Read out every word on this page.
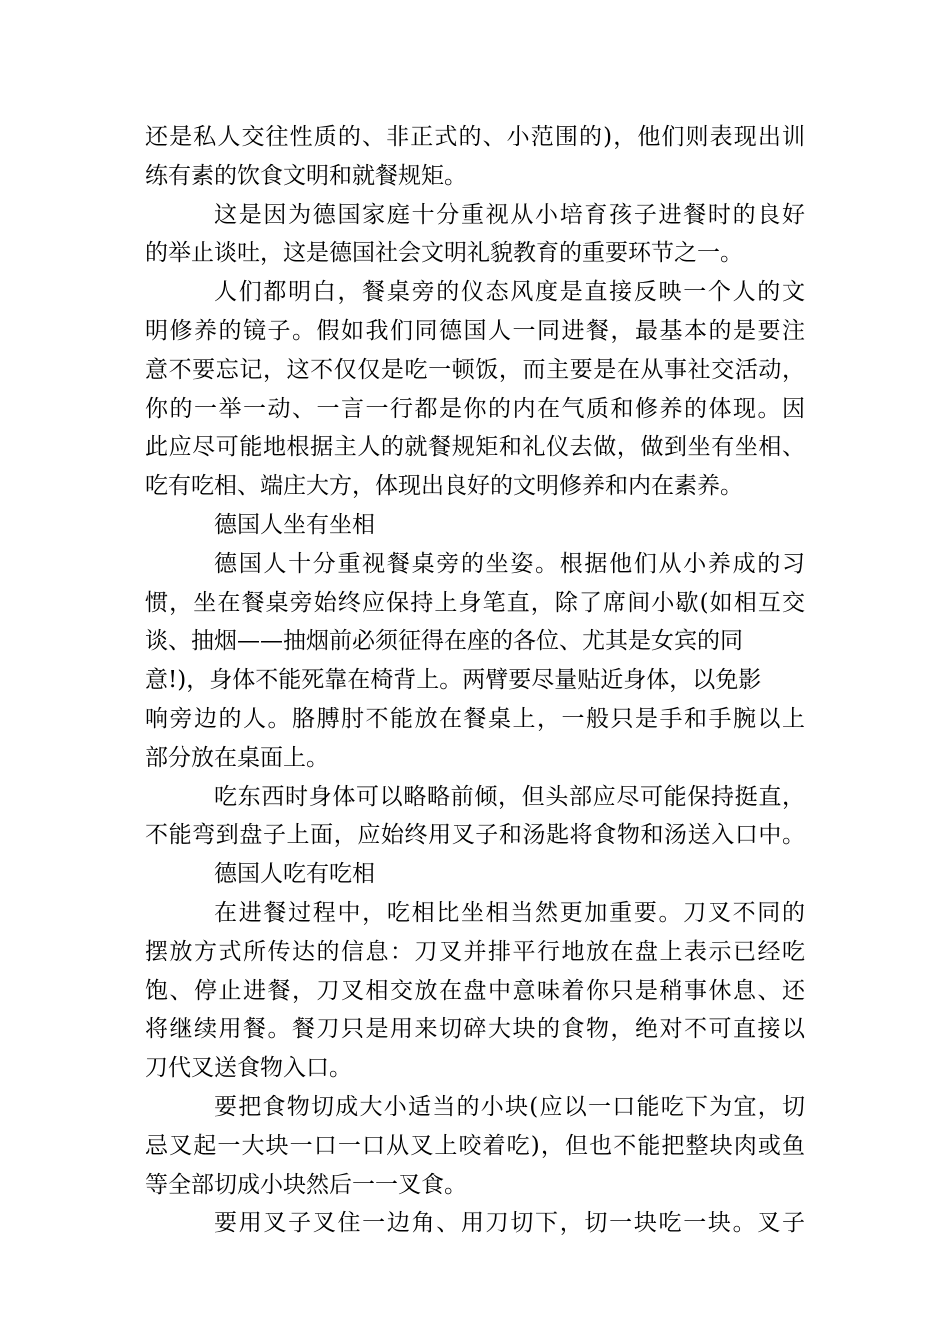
还是私人交往性质的、非正式的、小范围的)，他们则表现出训
练有素的饮食文明和就餐规矩。
这是因为德国家庭十分重视从小培育孩子进餐时的良好
的举止谈吐，这是德国社会文明礼貌教育的重要环节之一。
人们都明白，餐桌旁的仪态风度是直接反映一个人的文
明修养的镜子。假如我们同德国人一同进餐，最基本的是要注
意不要忘记，这不仅仅是吃一顿饭，而主要是在从事社交活动，
你的一举一动、一言一行都是你的内在气质和修养的体现。因
此应尽可能地根据主人的就餐规矩和礼仪去做，做到坐有坐相、
吃有吃相、端庄大方，体现出良好的文明修养和内在素养。
德国人坐有坐相
德国人十分重视餐桌旁的坐姿。根据他们从小养成的习
惯，坐在餐桌旁始终应保持上身笔直，除了席间小歇(如相互交
谈、抽烟——抽烟前必须征得在座的各位、尤其是女宾的同
意!)，身体不能死靠在椅背上。两臂要尽量贴近身体，以免影
响旁边的人。胳膊肘不能放在餐桌上，一般只是手和手腕以上
部分放在桌面上。
吃东西时身体可以略略前倾，但头部应尽可能保持挺直，
不能弯到盘子上面，应始终用叉子和汤匙将食物和汤送入口中。
德国人吃有吃相
在进餐过程中，吃相比坐相当然更加重要。刀叉不同的
摆放方式所传达的信息：刀叉并排平行地放在盘上表示已经吃
饱、停止进餐，刀叉相交放在盘中意味着你只是稍事休息、还
将继续用餐。餐刀只是用来切碎大块的食物，绝对不可直接以
刀代叉送食物入口。
要把食物切成大小适当的小块(应以一口能吃下为宜，切
忌叉起一大块一口一口从叉上咬着吃)，但也不能把整块肉或鱼
等全部切成小块然后一一叉食。
要用叉子叉住一边角、用刀切下，切一块吃一块。叉子
